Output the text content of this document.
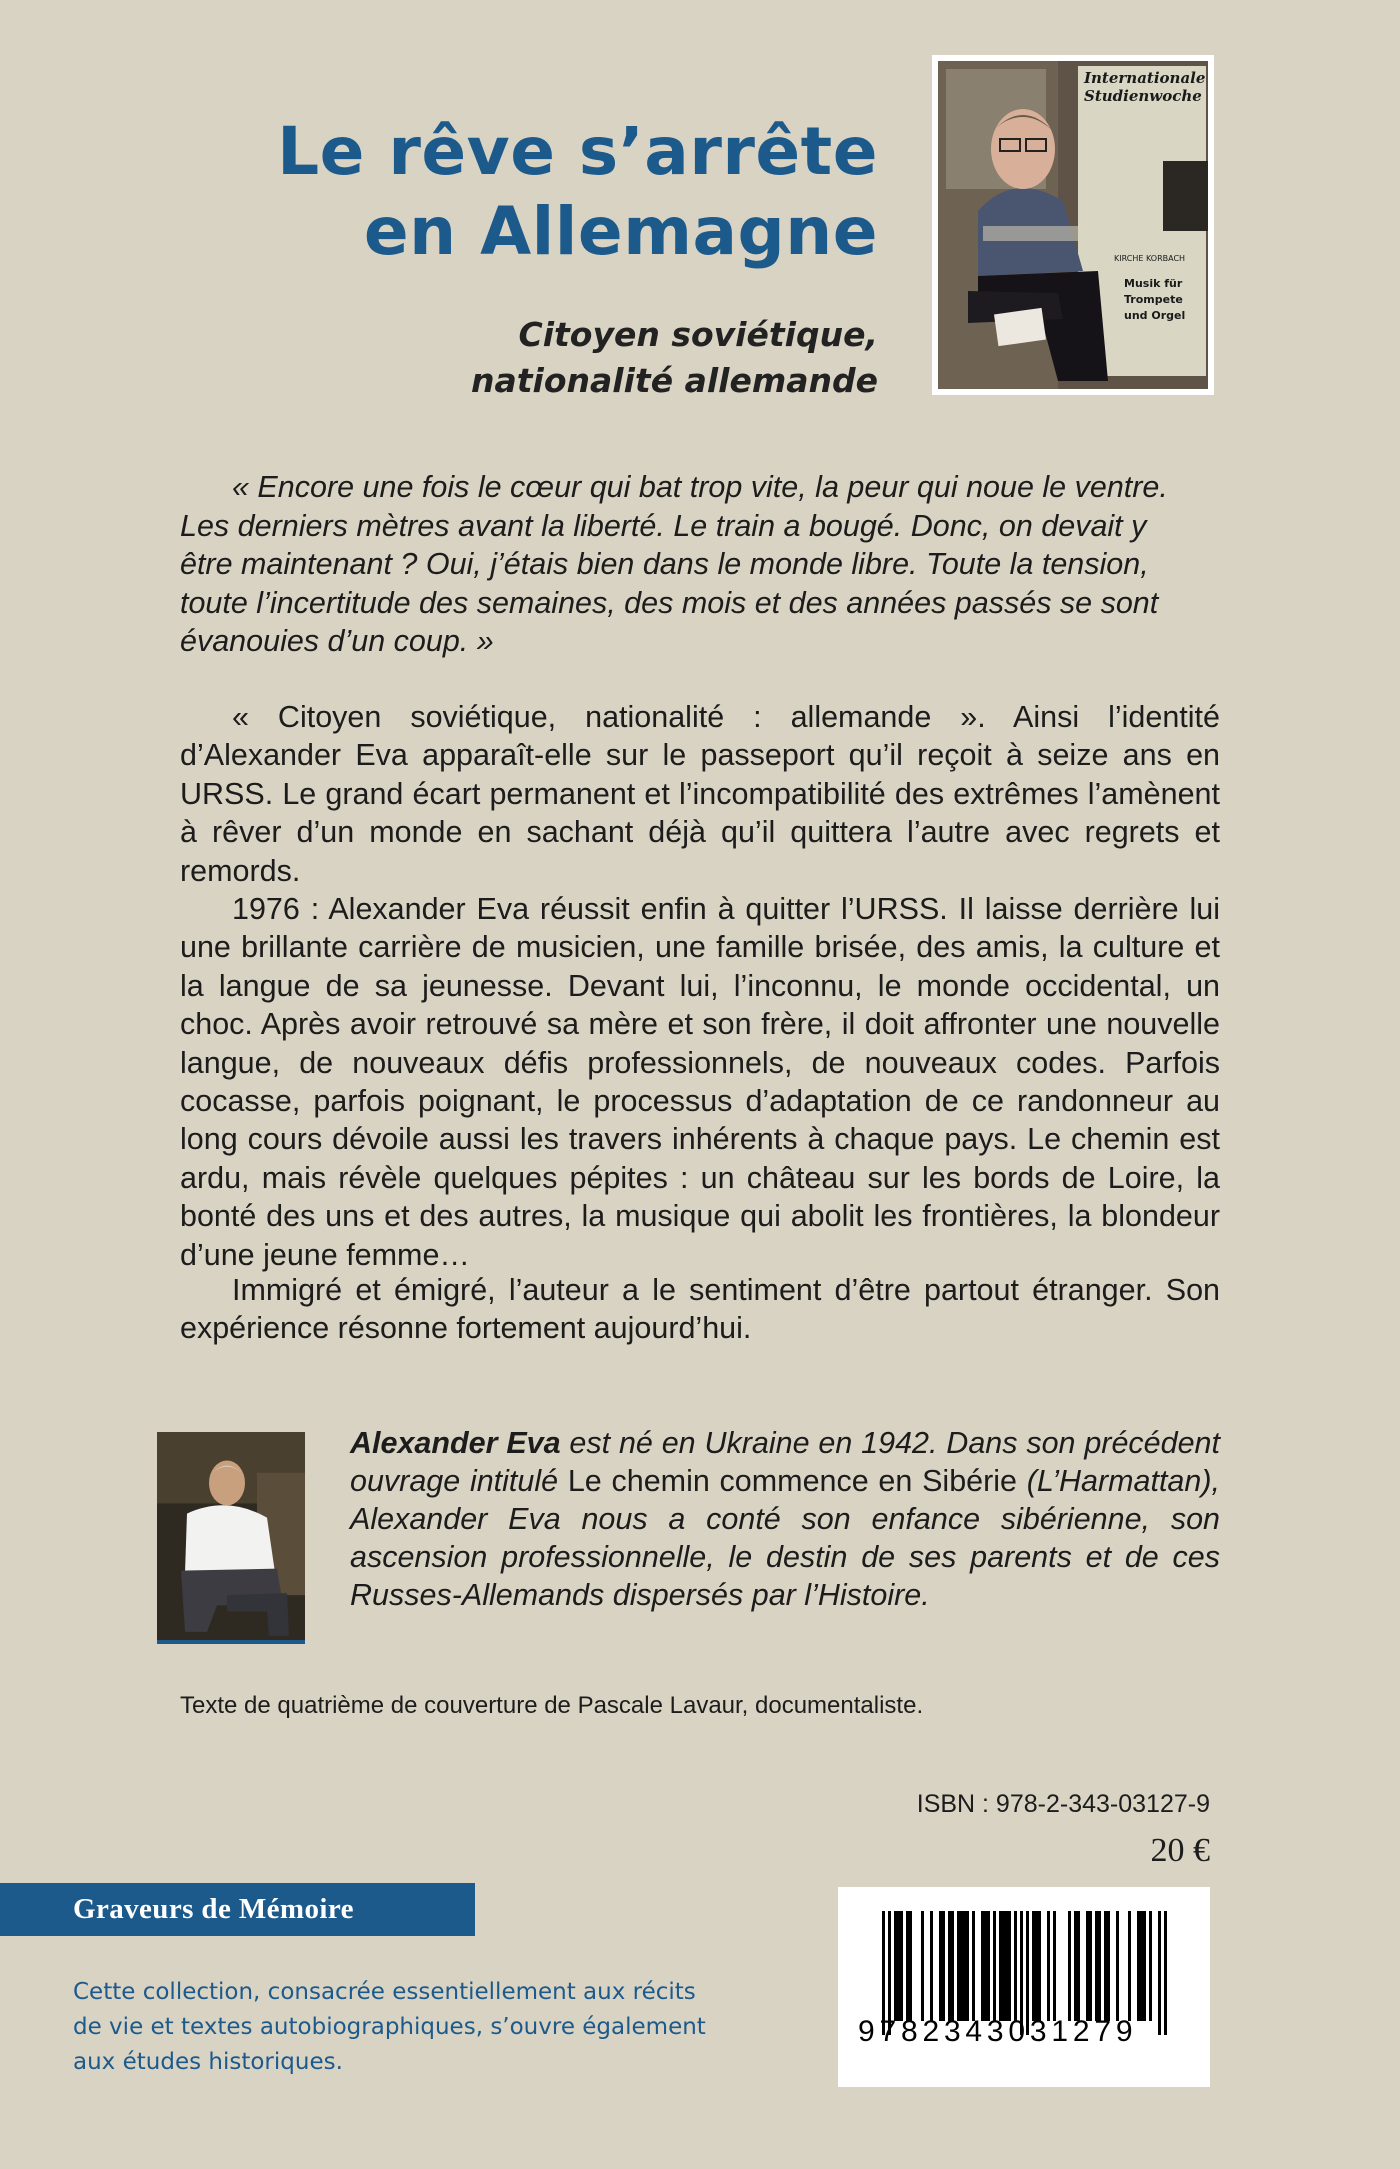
Le rêve s’arrête
en Allemagne
Citoyen soviétique,
nationalité allemande
Internationale
Studienwoche
KIRCHE KORBACH
Musik für
Trompete
und Orgel

« Encore une fois le cœur qui bat trop vite, la peur qui noue le ventre.
Les derniers mètres avant la liberté. Le train a bougé. Donc, on devait y
être maintenant ? Oui, j’étais bien dans le monde libre. Toute la tension,
toute l’incertitude des semaines, des mois et des années passés se sont
évanouies d’un coup. »

« Citoyen soviétique, nationalité : allemande ». Ainsi l’identité d’Alexander Eva apparaît-elle sur le passeport qu’il reçoit à seize ans en URSS. Le grand écart permanent et l’incompatibilité des extrêmes l’amènent à rêver d’un monde en sachant déjà qu’il quittera l’autre avec regrets et remords.

1976 : Alexander Eva réussit enfin à quitter l’URSS. Il laisse derrière lui une brillante carrière de musicien, une famille brisée, des amis, la culture et la langue de sa jeunesse. Devant lui, l’inconnu, le monde occidental, un choc. Après avoir retrouvé sa mère et son frère, il doit affronter une nouvelle langue, de nouveaux défis professionnels, de nouveaux codes. Parfois cocasse, parfois poignant, le processus d’adaptation de ce randonneur au long cours dévoile aussi les travers inhérents à chaque pays. Le chemin est ardu, mais révèle quelques pépites : un château sur les bords de Loire, la bonté des uns et des autres, la musique qui abolit les frontières, la blondeur d’une jeune femme…

Immigré et émigré, l’auteur a le sentiment d’être partout étranger. Son expérience résonne fortement aujourd’hui.

Alexander Eva est né en Ukraine en 1942. Dans son précédent ouvrage intitulé Le chemin commence en Sibérie (L’Harmattan), Alexander Eva nous a conté son enfance sibérienne, son ascension professionnelle, le destin de ses parents et de ces Russes-Allemands dispersés par l’Histoire.

Texte de quatrième de couverture de Pascale Lavaur, documentaliste.

ISBN : 978-2-343-03127-9

20 €

Graveurs de Mémoire

Cette collection, consacrée essentiellement aux récits
de vie et textes autobiographiques, s’ouvre également
aux études historiques.

9782343031279
